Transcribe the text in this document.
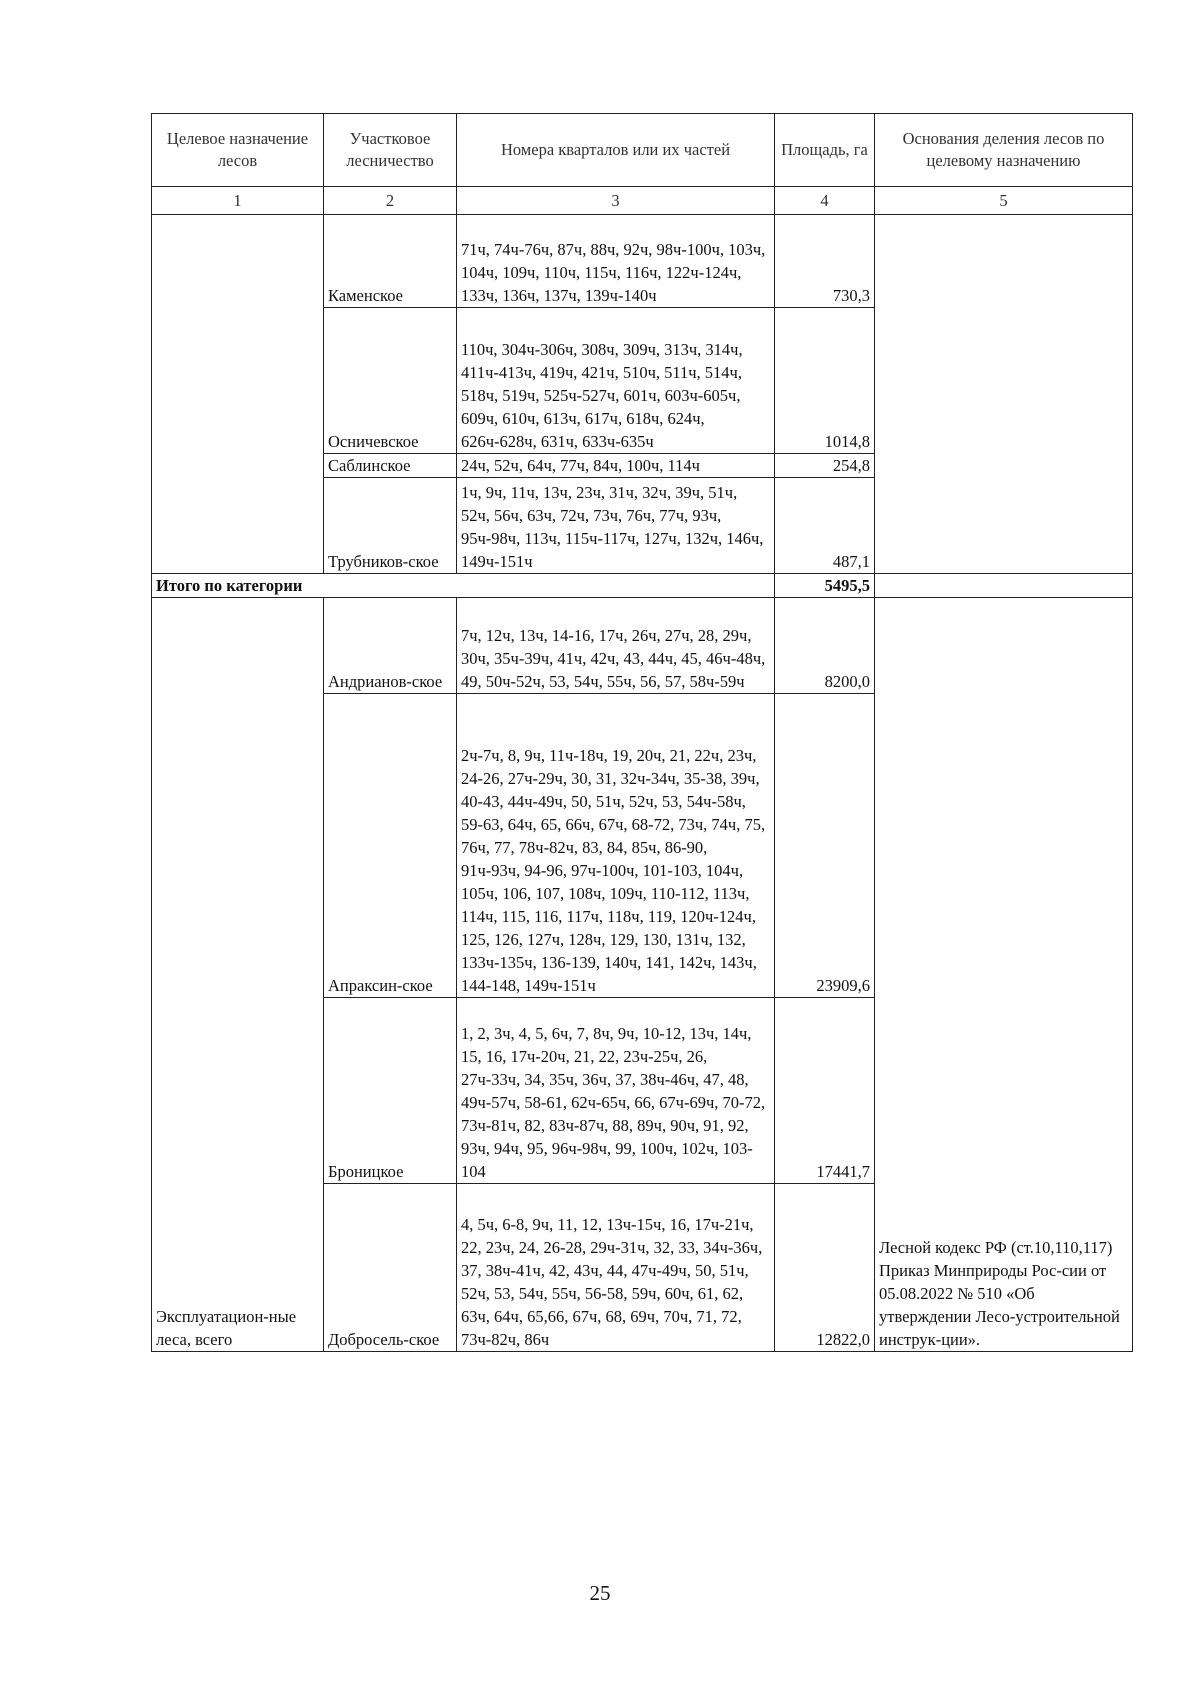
Целевое назначение лесов	Участковое лесничество	Номера кварталов или их частей	Площадь, га	Основания деления лесов по целевому назначению
1	2	3	4	5
	Каменское	71ч, 74ч-76ч, 87ч, 88ч, 92ч, 98ч-100ч, 103ч, 104ч, 109ч, 110ч, 115ч, 116ч, 122ч-124ч, 133ч, 136ч, 137ч, 139ч-140ч	730,3	
	Осничевское	110ч, 304ч-306ч, 308ч, 309ч, 313ч, 314ч, 411ч-413ч, 419ч, 421ч, 510ч, 511ч, 514ч, 518ч, 519ч, 525ч-527ч, 601ч, 603ч-605ч, 609ч, 610ч, 613ч, 617ч, 618ч, 624ч, 626ч-628ч, 631ч, 633ч-635ч	1014,8	
	Саблинское	24ч, 52ч, 64ч, 77ч, 84ч, 100ч, 114ч	254,8	
	Трубников-ское	1ч, 9ч, 11ч, 13ч, 23ч, 31ч, 32ч, 39ч, 51ч, 52ч, 56ч, 63ч, 72ч, 73ч, 76ч, 77ч, 93ч, 95ч-98ч, 113ч, 115ч-117ч, 127ч, 132ч, 146ч, 149ч-151ч	487,1	
Итого по категории			5495,5	
Эксплуатацион-ные леса, всего	Андрианов-ское	7ч, 12ч, 13ч, 14-16, 17ч, 26ч, 27ч, 28, 29ч, 30ч, 35ч-39ч, 41ч, 42ч, 43, 44ч, 45, 46ч-48ч, 49, 50ч-52ч, 53, 54ч, 55ч, 56, 57, 58ч-59ч	8200,0	Лесной кодекс РФ (ст.10,110,117) Приказ Минприроды Рос-сии от 05.08.2022 № 510 «Об утверждении Лесо-устроительной инструк-ции».
	Апраксин-ское	2ч-7ч, 8, 9ч, 11ч-18ч, 19, 20ч, 21, 22ч, 23ч, 24-26, 27ч-29ч, 30, 31, 32ч-34ч, 35-38, 39ч, 40-43, 44ч-49ч, 50, 51ч, 52ч, 53, 54ч-58ч, 59-63, 64ч, 65, 66ч, 67ч, 68-72, 73ч, 74ч, 75, 76ч, 77, 78ч-82ч, 83, 84, 85ч, 86-90, 91ч-93ч, 94-96, 97ч-100ч, 101-103, 104ч, 105ч, 106, 107, 108ч, 109ч, 110-112, 113ч, 114ч, 115, 116, 117ч, 118ч, 119, 120ч-124ч, 125, 126, 127ч, 128ч, 129, 130, 131ч, 132, 133ч-135ч, 136-139, 140ч, 141, 142ч, 143ч, 144-148, 149ч-151ч	23909,6	
	Броницкое	1, 2, 3ч, 4, 5, 6ч, 7, 8ч, 9ч, 10-12, 13ч, 14ч, 15, 16, 17ч-20ч, 21, 22, 23ч-25ч, 26, 27ч-33ч, 34, 35ч, 36ч, 37, 38ч-46ч, 47, 48, 49ч-57ч, 58-61, 62ч-65ч, 66, 67ч-69ч, 70-72, 73ч-81ч, 82, 83ч-87ч, 88, 89ч, 90ч, 91, 92, 93ч, 94ч, 95, 96ч-98ч, 99, 100ч, 102ч, 103-104	17441,7	
	Добросель-ское	4, 5ч, 6-8, 9ч, 11, 12, 13ч-15ч, 16, 17ч-21ч, 22, 23ч, 24, 26-28, 29ч-31ч, 32, 33, 34ч-36ч, 37, 38ч-41ч, 42, 43ч, 44, 47ч-49ч, 50, 51ч, 52ч, 53, 54ч, 55ч, 56-58, 59ч, 60ч, 61, 62, 63ч, 64ч, 65,66, 67ч, 68, 69ч, 70ч, 71, 72, 73ч-82ч, 86ч	12822,0	
25
